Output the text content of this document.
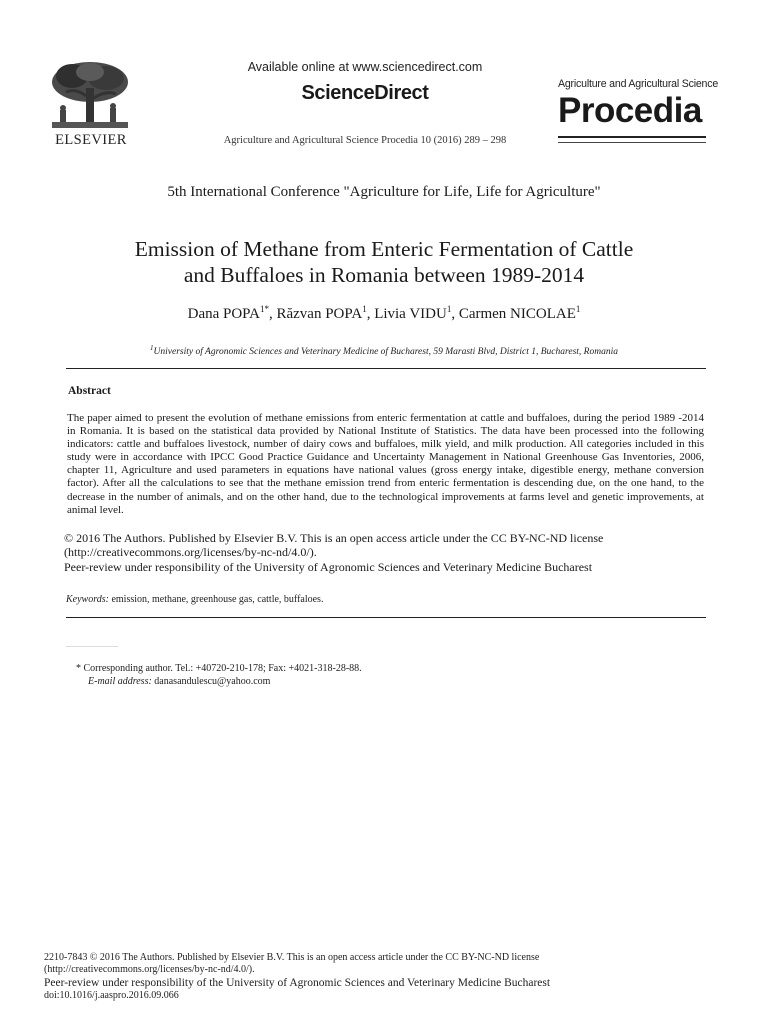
ELSEVIER
Available online at www.sciencedirect.com
ScienceDirect
Agriculture and Agricultural Science Procedia 10 (2016) 289 – 298
Agriculture and Agricultural Science
Procedia
5th International Conference "Agriculture for Life, Life for Agriculture"
Emission of Methane from Enteric Fermentation of Cattle
and Buffaloes in Romania between 1989-2014
Dana $POPA^{1*}$, Răzvan POPA$^1$, Livia VIDU$^1$, Carmen NICOLAE$^1$
$^1$University of Agronomic Sciences and Veterinary Medicine of Bucharest, 59 Marasti Blvd, District 1, Bucharest, Romania
Abstract
The paper aimed to present the evolution of methane emissions from enteric fermentation at cattle and buffaloes, during the period 1989 -2014 in Romania. It is based on the statistical data provided by National Institute of Statistics. The data have been processed into the following indicators: cattle and buffaloes livestock, number of dairy cows and buffaloes, milk yield, and milk production. All categories included in this study were in accordance with IPCC Good Practice Guidance and Uncertainty Management in National Greenhouse Gas Inventories, 2006, chapter 11, Agriculture and used parameters in equations have national values (gross energy intake, digestible energy, methane conversion factor). After all the calculations to see that the methane emission trend from enteric fermentation is descending due, on the one hand, to the decrease in the number of animals, and on the other hand, due to the technological improvements at farms level and genetic improvements, at animal level.
© 2016 The Authors. Published by Elsevier B.V. This is an open access article under the CC BY-NC-ND license
(http://creativecommons.org/licenses/by-nc-nd/4.0/).
Peer-review under responsibility of the University of Agronomic Sciences and Veterinary Medicine Bucharest
Keywords: emission, methane, greenhouse gas, cattle, buffaloes.
* Corresponding author. Tel.: +40720-210-178; Fax: +4021-318-28-88.
E-mail address: danasandulescu@yahoo.com
2210-7843 © 2016 The Authors. Published by Elsevier B.V. This is an open access article under the CC BY-NC-ND license
(http://creativecommons.org/licenses/by-nc-nd/4.0/).
Peer-review under responsibility of the University of Agronomic Sciences and Veterinary Medicine Bucharest
doi:10.1016/j.aaspro.2016.09.066
